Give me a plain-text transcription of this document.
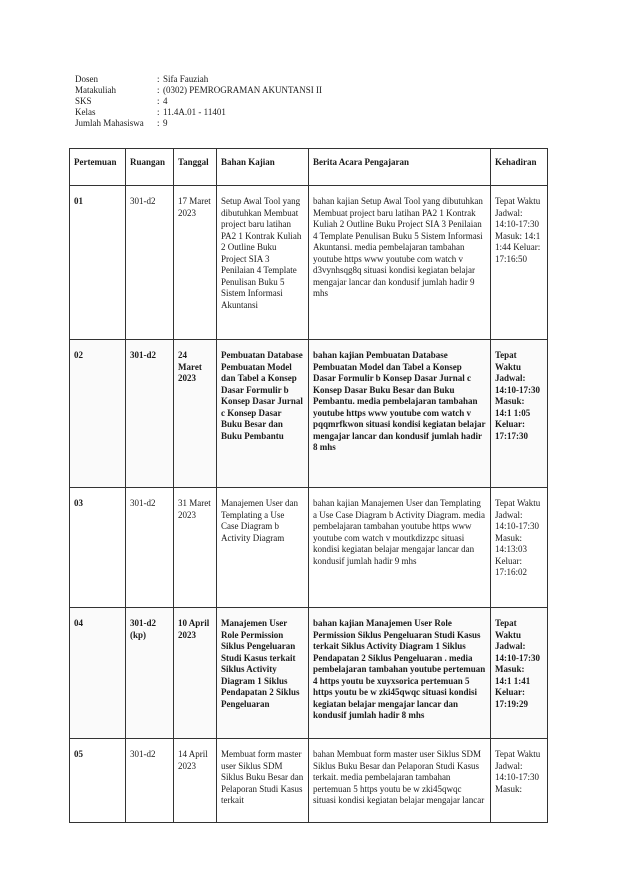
Dosen	: Sifa Fauziah
Matakuliah	: (0302) PEMROGRAMAN AKUNTANSI II
SKS	: 4
Kelas	: 11.4A.01 - 11401
Jumlah Mahasiswa	: 9
Pertemuan	Ruangan	Tanggal	Bahan Kajian	Berita Acara Pengajaran	Kehadiran
01	301-d2	17 Maret 2023	Setup Awal Tool yang dibutuhkan Membuat project baru latihan PA2 1 Kontrak Kuliah 2 Outline Buku Project SIA 3 Penilaian 4 Template Penulisan Buku 5 Sistem Informasi Akuntansi	bahan kajian Setup Awal Tool yang dibutuhkan Membuat project baru latihan PA2 1 Kontrak Kuliah 2 Outline Buku Project SIA 3 Penilaian 4 Template Penulisan Buku 5 Sistem Informasi Akuntansi. media pembelajaran tambahan youtube https www youtube com watch v d3vynhsqg8q situasi kondisi kegiatan belajar mengajar lancar dan kondusif jumlah hadir 9 mhs	Tepat Waktu Jadwal: 14:10-17:30 Masuk: 14:1 1:44 Keluar: 17:16:50
02	301-d2	24 Maret 2023	Pembuatan Database Pembuatan Model dan Tabel a Konsep Dasar Formulir b Konsep Dasar Jurnal c Konsep Dasar Buku Besar dan Buku Pembantu	bahan kajian Pembuatan Database Pembuatan Model dan Tabel a Konsep Dasar Formulir b Konsep Dasar Jurnal c Konsep Dasar Buku Besar dan Buku Pembantu. media pembelajaran tambahan youtube https www youtube com watch v pqqmrfkwon situasi kondisi kegiatan belajar mengajar lancar dan kondusif jumlah hadir 8 mhs	Tepat Waktu Jadwal: 14:10-17:30 Masuk: 14:1 1:05 Keluar: 17:17:30
03	301-d2	31 Maret 2023	Manajemen User dan Templating a Use Case Diagram b Activity Diagram	bahan kajian Manajemen User dan Templating a Use Case Diagram b Activity Diagram. media pembelajaran tambahan youtube https www youtube com watch v moutkdizzpc situasi kondisi kegiatan belajar mengajar lancar dan kondusif jumlah hadir 9 mhs	Tepat Waktu Jadwal: 14:10-17:30 Masuk: 14:13:03 Keluar: 17:16:02
04	301-d2 (kp)	10 April 2023	Manajemen User Role Permission Siklus Pengeluaran Studi Kasus terkait Siklus Activity Diagram 1 Siklus Pendapatan 2 Siklus Pengeluaran	bahan kajian Manajemen User Role Permission Siklus Pengeluaran Studi Kasus terkait Siklus Activity Diagram 1 Siklus Pendapatan 2 Siklus Pengeluaran . media pembelajaran tambahan youtube pertemuan 4 https youtu be xuyxsorica pertemuan 5 https youtu be w zki45qwqc situasi kondisi kegiatan belajar mengajar lancar dan kondusif jumlah hadir 8 mhs	Tepat Waktu Jadwal: 14:10-17:30 Masuk: 14:1 1:41 Keluar: 17:19:29
05	301-d2	14 April 2023	Membuat form master user Siklus SDM Siklus Buku Besar dan Pelaporan Studi Kasus terkait	bahan Membuat form master user Siklus SDM Siklus Buku Besar dan Pelaporan Studi Kasus terkait. media pembelajaran tambahan pertemuan 5 https youtu be w zki45qwqc situasi kondisi kegiatan belajar mengajar lancar	Tepat Waktu Jadwal: 14:10-17:30 Masuk:
